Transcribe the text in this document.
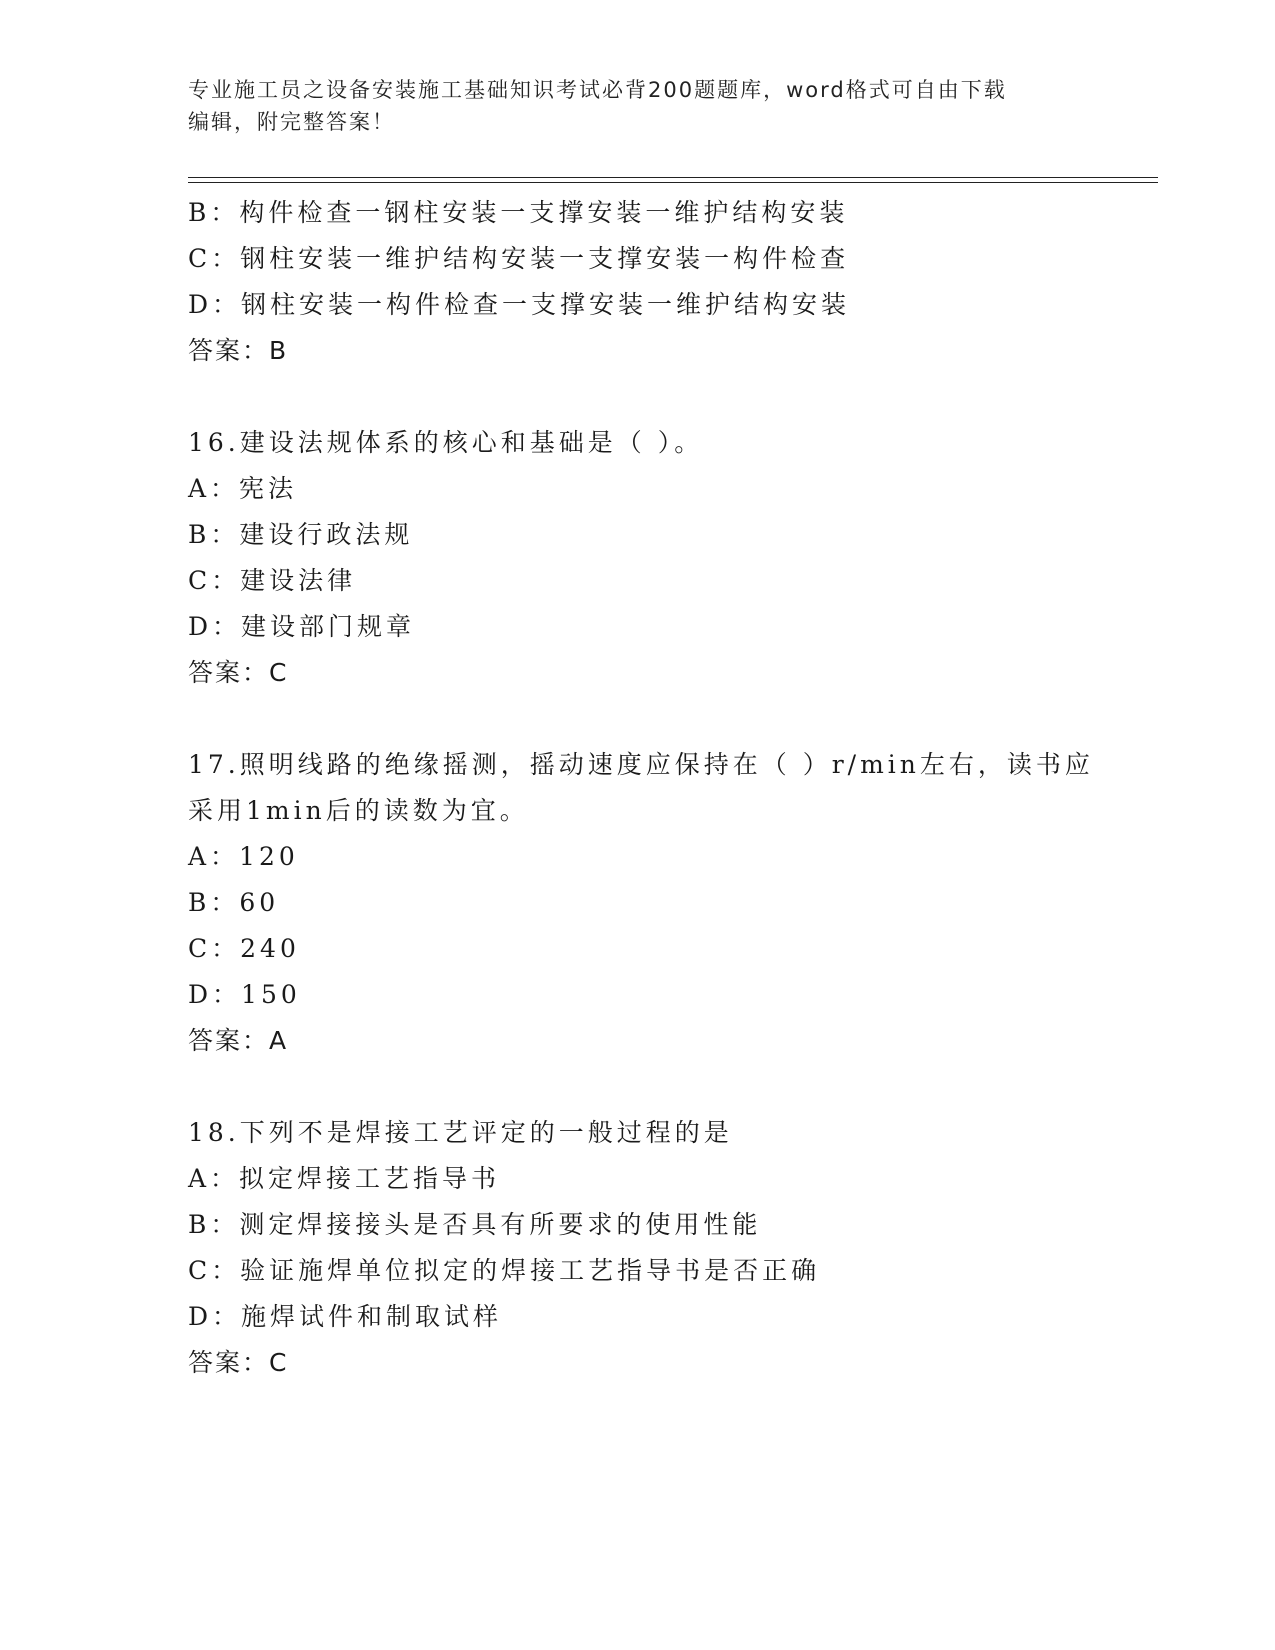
专业施工员之设备安装施工基础知识考试必背200题题库，word格式可自由下载
编辑，附完整答案！
B：构件检查一钢柱安装一支撑安装一维护结构安装
C：钢柱安装一维护结构安装一支撑安装一构件检查
D：钢柱安装一构件检查一支撑安装一维护结构安装
答案：B
16.建设法规体系的核心和基础是（ ）。
A：宪法
B：建设行政法规
C：建设法律
D：建设部门规章
答案：C
17.照明线路的绝缘摇测，摇动速度应保持在（ ）r/min左右，读书应
采用1min后的读数为宜。
A：120
B：60
C：240
D：150
答案：A
18.下列不是焊接工艺评定的一般过程的是
A：拟定焊接工艺指导书
B：测定焊接接头是否具有所要求的使用性能
C：验证施焊单位拟定的焊接工艺指导书是否正确
D：施焊试件和制取试样
答案：C
